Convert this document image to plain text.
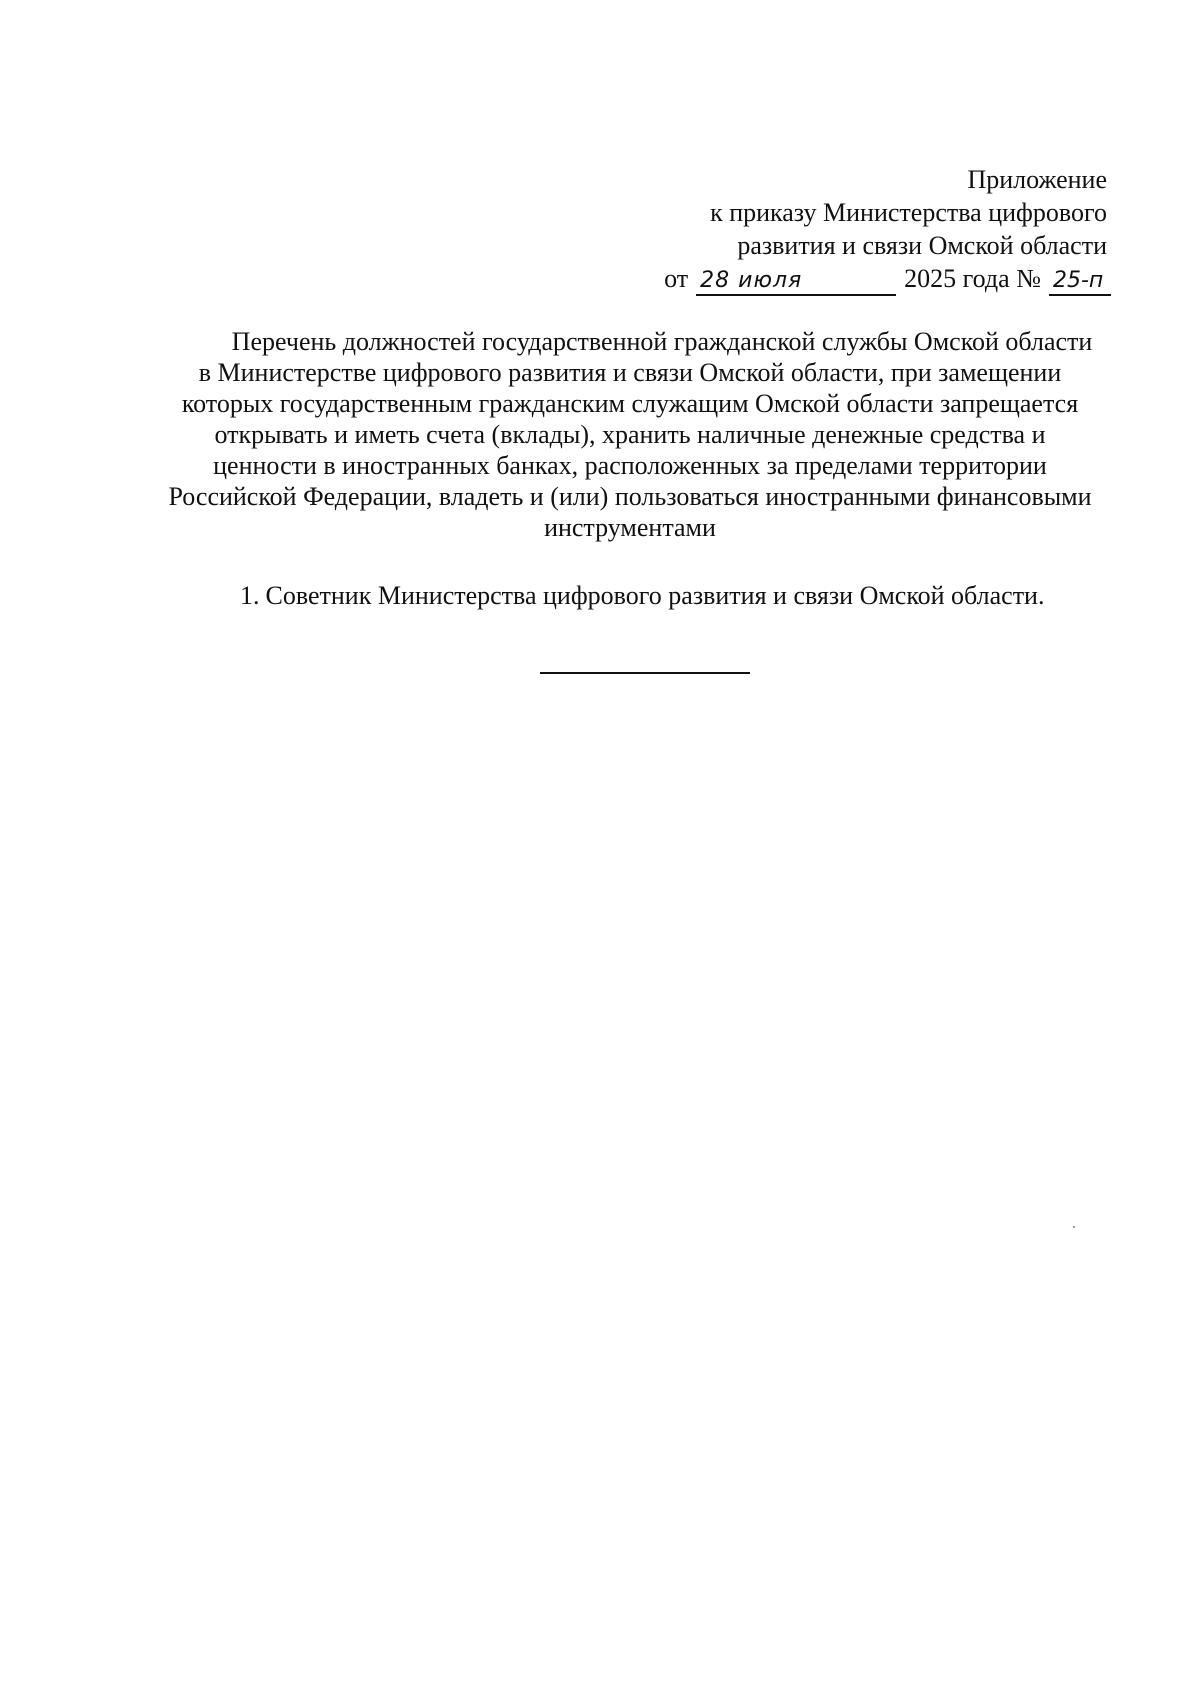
Приложение
к приказу Министерства цифрового
развития и связи Омской области
от 28 июля	2025 года № 25-п
Перечень должностей государственной гражданской службы Омской области в Министерстве цифрового развития и связи Омской области, при замещении которых государственным гражданским служащим Омской области запрещается открывать и иметь счета (вклады), хранить наличные денежные средства и ценности в иностранных банках, расположенных за пределами территории Российской Федерации, владеть и (или) пользоваться иностранными финансовыми инструментами
1. Советник Министерства цифрового развития и связи Омской области.
